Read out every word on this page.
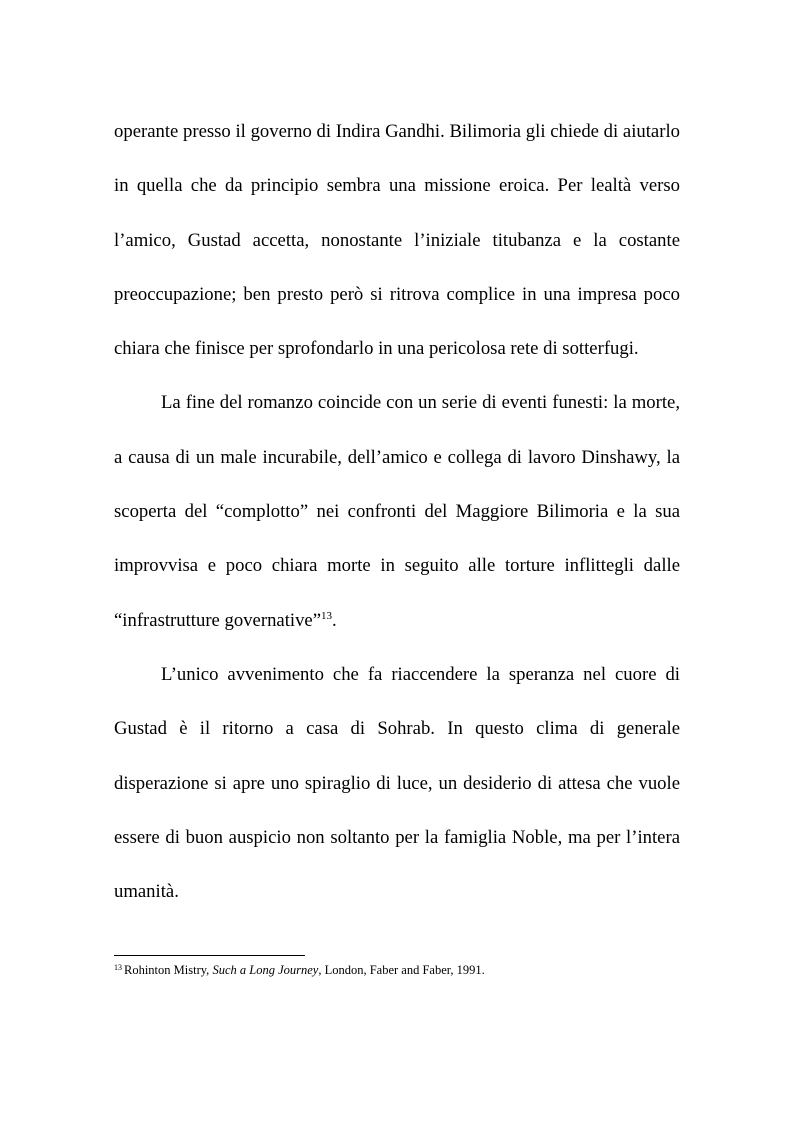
operante presso il governo di Indira Gandhi. Bilimoria gli chiede di aiutarlo in quella che da principio sembra una missione eroica. Per lealtà verso l’amico, Gustad accetta, nonostante l’iniziale titubanza e la costante preoccupazione; ben presto però si ritrova complice in una impresa poco chiara che finisce per sprofondarlo in una pericolosa rete di sotterfugi.

La fine del romanzo coincide con un serie di eventi funesti: la morte, a causa di un male incurabile, dell’amico e collega di lavoro Dinshawy, la scoperta del “complotto” nei confronti del Maggiore Bilimoria e la sua improvvisa e poco chiara morte in seguito alle torture inflittegli dalle “infrastrutture governative”$^{13}$.

L’unico avvenimento che fa riaccendere la speranza nel cuore di Gustad è il ritorno a casa di Sohrab. In questo clima di generale disperazione si apre uno spiraglio di luce, un desiderio di attesa che vuole essere di buon auspicio non soltanto per la famiglia Noble, ma per l’intera umanità.

$^{13}$ Rohinton Mistry, Such a Long Journey, London, Faber and Faber, 1991.
